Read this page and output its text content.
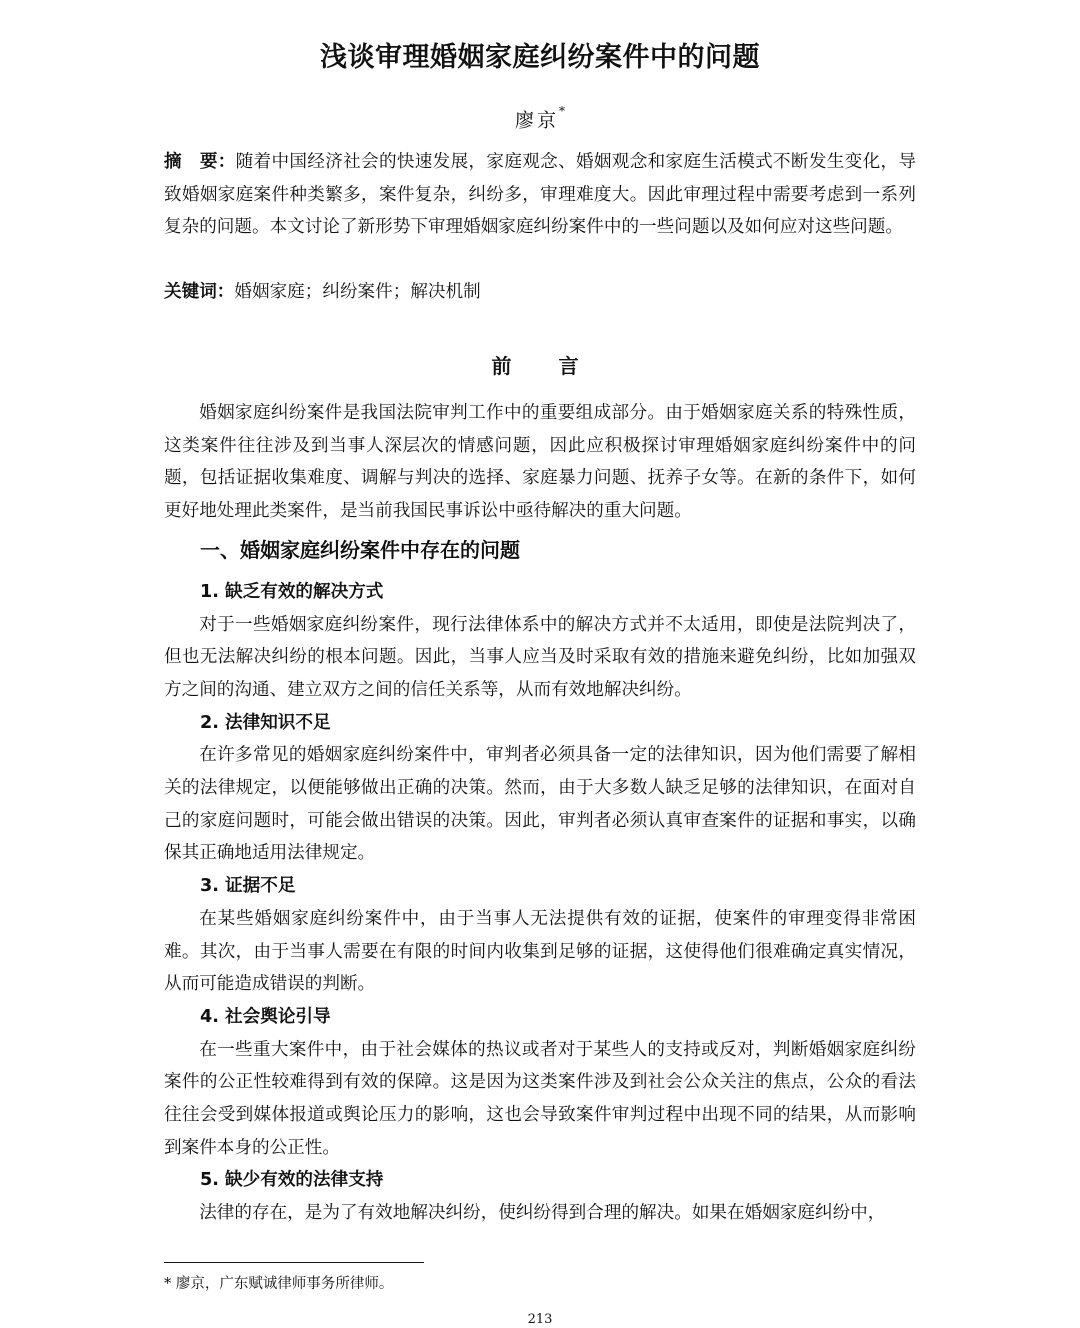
浅谈审理婚姻家庭纠纷案件中的问题
廖京*
摘　要：随着中国经济社会的快速发展，家庭观念、婚姻观念和家庭生活模式不断发生变化，导致婚姻家庭案件种类繁多，案件复杂，纠纷多，审理难度大。因此审理过程中需要考虑到一系列复杂的问题。本文讨论了新形势下审理婚姻家庭纠纷案件中的一些问题以及如何应对这些问题。
关键词：婚姻家庭；纠纷案件；解决机制
前 言

婚姻家庭纠纷案件是我国法院审判工作中的重要组成部分。由于婚姻家庭关系的特殊性质，这类案件往往涉及到当事人深层次的情感问题，因此应积极探讨审理婚姻家庭纠纷案件中的问题，包括证据收集难度、调解与判决的选择、家庭暴力问题、抚养子女等。在新的条件下，如何更好地处理此类案件，是当前我国民事诉讼中亟待解决的重大问题。

一、婚姻家庭纠纷案件中存在的问题

1. 缺乏有效的解决方式

对于一些婚姻家庭纠纷案件，现行法律体系中的解决方式并不太适用，即使是法院判决了，但也无法解决纠纷的根本问题。因此，当事人应当及时采取有效的措施来避免纠纷，比如加强双方之间的沟通、建立双方之间的信任关系等，从而有效地解决纠纷。

2. 法律知识不足

在许多常见的婚姻家庭纠纷案件中，审判者必须具备一定的法律知识，因为他们需要了解相关的法律规定，以便能够做出正确的决策。然而，由于大多数人缺乏足够的法律知识，在面对自己的家庭问题时，可能会做出错误的决策。因此，审判者必须认真审查案件的证据和事实，以确保其正确地适用法律规定。

3. 证据不足

在某些婚姻家庭纠纷案件中，由于当事人无法提供有效的证据，使案件的审理变得非常困难。其次，由于当事人需要在有限的时间内收集到足够的证据，这使得他们很难确定真实情况，从而可能造成错误的判断。

4. 社会舆论引导

在一些重大案件中，由于社会媒体的热议或者对于某些人的支持或反对，判断婚姻家庭纠纷案件的公正性较难得到有效的保障。这是因为这类案件涉及到社会公众关注的焦点，公众的看法往往会受到媒体报道或舆论压力的影响，这也会导致案件审判过程中出现不同的结果，从而影响到案件本身的公正性。

5. 缺少有效的法律支持

法律的存在，是为了有效地解决纠纷，使纠纷得到合理的解决。如果在婚姻家庭纠纷中，

* 廖京，广东赋诚律师事务所律师。
213
